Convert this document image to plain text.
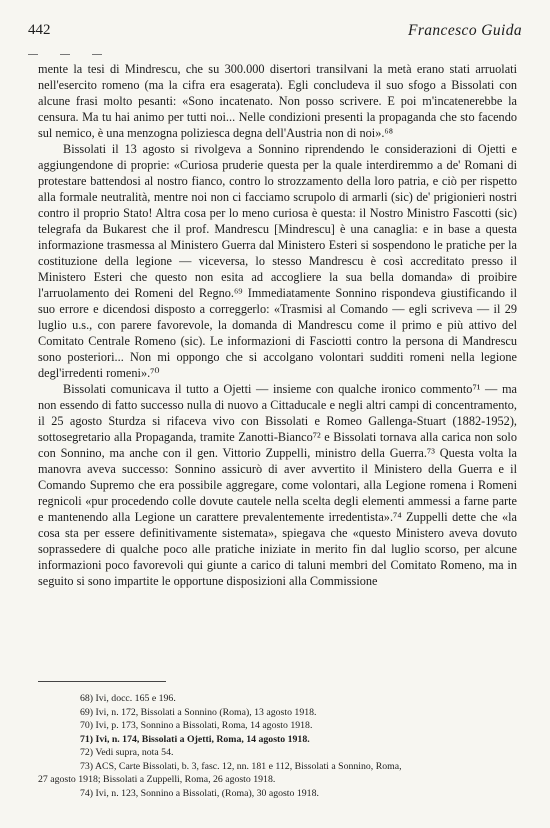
442	Francesco Guida

mente la tesi di Mindrescu, che su 300.000 disertori transilvani la metà erano stati arruolati nell'esercito romeno (ma la cifra era esagerata). Egli concludeva il suo sfogo a Bissolati con alcune frasi molto pesanti: «Sono incatenato. Non posso scrivere. E poi m'incatenerebbe la censura. Ma tu hai animo per tutti noi... Nelle condizioni presenti la propaganda che sto facendo sul nemico, è una menzogna poliziesca degna dell'Austria non di noi».⁶⁸

Bissolati il 13 agosto si rivolgeva a Sonnino riprendendo le considerazioni di Ojetti e aggiungendone di proprie: «Curiosa pruderie questa per la quale interdiremmo a de' Romani di protestare battendosi al nostro fianco, contro lo strozzamento della loro patria, e ciò per rispetto alla formale neutralità, mentre noi non ci facciamo scrupolo di armarli (sic) de' prigionieri nostri contro il proprio Stato! Altra cosa per lo meno curiosa è questa: il Nostro Ministro Fascotti (sic) telegrafa da Bukarest che il prof. Mandrescu [Mindrescu] è una canaglia: e in base a questa informazione trasmessa al Ministero Guerra dal Ministero Esteri si sospendono le pratiche per la costituzione della legione — viceversa, lo stesso Mandrescu è così accreditato presso il Ministero Esteri che questo non esita ad accogliere la sua bella domanda» di proibire l'arruolamento dei Romeni del Regno.⁶⁹ Immediatamente Sonnino rispondeva giustificando il suo errore e dicendosi disposto a correggerlo: «Trasmisi al Comando — egli scriveva — il 29 luglio u.s., con parere favorevole, la domanda di Mandrescu come il primo e più attivo del Comitato Centrale Romeno (sic). Le informazioni di Fasciotti contro la persona di Mandrescu sono posteriori... Non mi oppongo che si accolgano volontari sudditi romeni nella legione degl'irredenti romeni».⁷⁰

Bissolati comunicava il tutto a Ojetti — insieme con qualche ironico commento⁷¹ — ma non essendo di fatto successo nulla di nuovo a Cittaducale e negli altri campi di concentramento, il 25 agosto Sturdza si rifaceva vivo con Bissolati e Romeo Gallenga-Stuart (1882-1952), sottosegretario alla Propaganda, tramite Zanotti-Bianco⁷² e Bissolati tornava alla carica non solo con Sonnino, ma anche con il gen. Vittorio Zuppelli, ministro della Guerra.⁷³ Questa volta la manovra aveva successo: Sonnino assicurò di aver avvertito il Ministero della Guerra e il Comando Supremo che era possibile aggregare, come volontari, alla Legione romena i Romeni regnicoli «pur procedendo colle dovute cautele nella scelta degli elementi ammessi a farne parte e mantenendo alla Legione un carattere prevalentemente irredentista».⁷⁴ Zuppelli dette che «la cosa sta per essere definitivamente sistemata», spiegava che «questo Ministero aveva dovuto soprassedere di qualche poco alle pratiche iniziate in merito fin dal luglio scorso, per alcune informazioni poco favorevoli qui giunte a carico di taluni membri del Comitato Romeno, ma in seguito si sono impartite le opportune disposizioni alla Commissione

68) Ivi, docc. 165 e 196.
69) Ivi, n. 172, Bissolati a Sonnino (Roma), 13 agosto 1918.
70) Ivi, p. 173, Sonnino a Bissolati, Roma, 14 agosto 1918.
71) Ivi, n. 174, Bissolati a Ojetti, Roma, 14 agosto 1918.
72) Vedi supra, nota 54.
73) ACS, Carte Bissolati, b. 3, fasc. 12, nn. 181 e 112, Bissolati a Sonnino, Roma,
27 agosto 1918; Bissolati a Zuppelli, Roma, 26 agosto 1918.
74) Ivi, n. 123, Sonnino a Bissolati, (Roma), 30 agosto 1918.
